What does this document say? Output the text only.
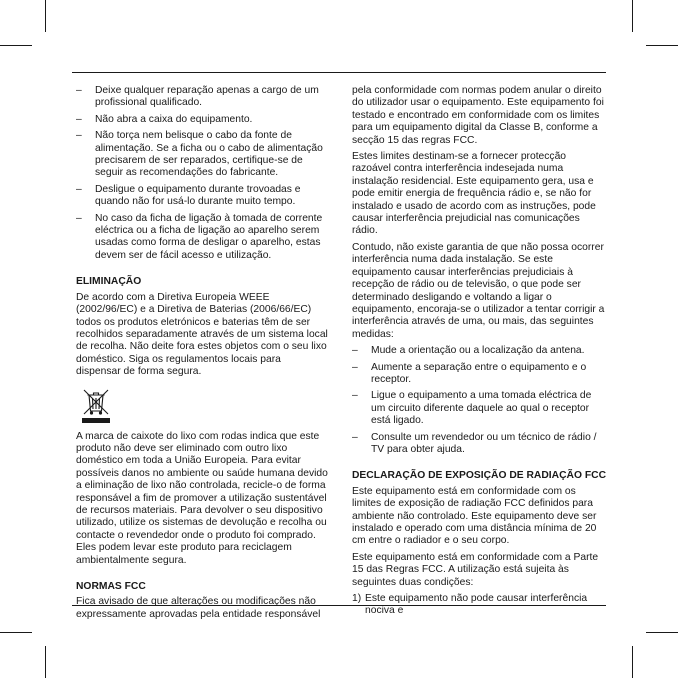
– Deixe qualquer reparação apenas a cargo de um profissional qualificado.
– Não abra a caixa do equipamento.
– Não torça nem belisque o cabo da fonte de alimentação. Se a ficha ou o cabo de alimentação precisarem de ser reparados, certifique-se de seguir as recomendações do fabricante.
– Desligue o equipamento durante trovoadas e quando não for usá-lo durante muito tempo.
– No caso da ficha de ligação à tomada de corrente eléctrica ou a ficha de ligação ao aparelho serem usadas como forma de desligar o aparelho, estas devem ser de fácil acesso e utilização.
ELIMINAÇÃO

De acordo com a Diretiva Europeia WEEE (2002/96/EC) e a Diretiva de Baterias (2006/66/EC) todos os produtos eletrónicos e baterias têm de ser recolhidos separadamente através de um sistema local de recolha. Não deite fora estes objetos com o seu lixo doméstico. Siga os regulamentos locais para dispensar de forma segura.

A marca de caixote do lixo com rodas indica que este produto não deve ser eliminado com outro lixo doméstico em toda a União Europeia. Para evitar possíveis danos no ambiente ou saúde humana devido a eliminação de lixo não controlada, recicle-o de forma responsável a fim de promover a utilização sustentável de recursos materiais. Para devolver o seu dispositivo utilizado, utilize os sistemas de devolução e recolha ou contacte o revendedor onde o produto foi comprado. Eles podem levar este produto para reciclagem ambientalmente segura.

NORMAS FCC

Fica avisado de que alterações ou modificações não expressamente aprovadas pela entidade responsável

pela conformidade com normas podem anular o direito do utilizador usar o equipamento. Este equipamento foi testado e encontrado em conformidade com os limites para um equipamento digital da Classe B, conforme a secção 15 das regras FCC.

Estes limites destinam-se a fornecer protecção razoável contra interferência indesejada numa instalação residencial. Este equipamento gera, usa e pode emitir energia de frequência rádio e, se não for instalado e usado de acordo com as instruções, pode causar interferência prejudicial nas comunicações rádio.

Contudo, não existe garantia de que não possa ocorrer interferência numa dada instalação. Se este equipamento causar interferências prejudiciais à recepção de rádio ou de televisão, o que pode ser determinado desligando e voltando a ligar o equipamento, encoraja-se o utilizador a tentar corrigir a interferência através de uma, ou mais, das seguintes medidas:

– Mude a orientação ou a localização da antena.
– Aumente a separação entre o equipamento e o receptor.
– Ligue o equipamento a uma tomada eléctrica de um circuito diferente daquele ao qual o receptor está ligado.
– Consulte um revendedor ou um técnico de rádio / TV para obter ajuda.
DECLARAÇÃO DE EXPOSIÇÃO DE RADIAÇÃO FCC

Este equipamento está em conformidade com os limites de exposição de radiação FCC definidos para ambiente não controlado. Este equipamento deve ser instalado e operado com uma distância mínima de 20 cm entre o radiador e o seu corpo.

Este equipamento está em conformidade com a Parte 15 das Regras FCC. A utilização está sujeita às seguintes duas condições:

1) Este equipamento não pode causar interferência nociva e
